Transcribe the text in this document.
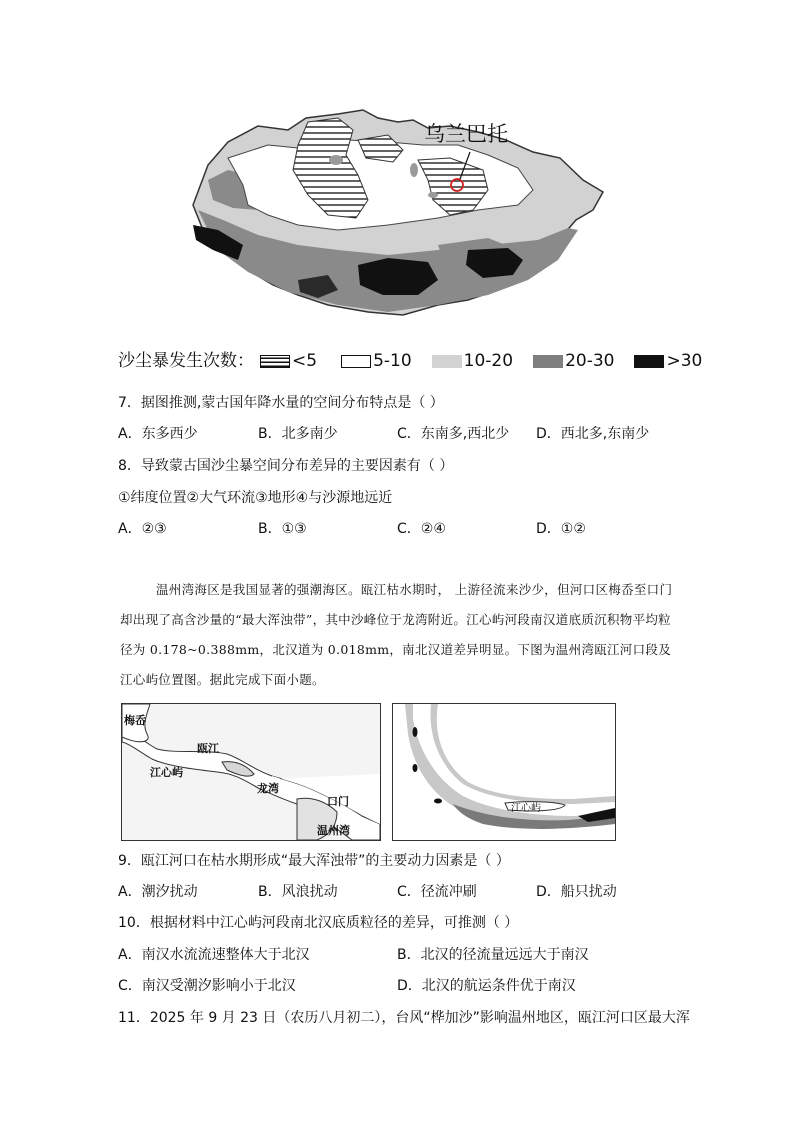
乌兰巴托
沙尘暴发生次数： <5	5-10	10-20	20-30	>30
7．据图推测,蒙古国年降水量的空间分布特点是（ ）
A．东多西少	B．北多南少	C．东南多,西北少 D．西北多,东南少
8．导致蒙古国沙尘暴空间分布差异的主要因素有（ ）
①纬度位置②大气环流③地形④与沙源地远近
A．②③	B．①③	C．②④	D．①②
温州湾海区是我国显著的强潮海区。瓯江枯水期时， 上游径流来沙少，但河口区梅岙至口门却出现了高含沙量的“最大浑浊带”，其中沙峰位于龙湾附近。江心屿河段南汉道底质沉积物平均粒径为 0.178~0.388mm，北汉道为 0.018mm，南北汉道差异明显。下图为温州湾瓯江河口段及江心屿位置图。据此完成下面小题。
梅岙
瓯江
江心屿
龙湾
口门
温州湾
江心屿
9．瓯江河口在枯水期形成“最大浑浊带”的主要动力因素是（ ）
A．潮汐扰动	B．风浪扰动	C．径流冲刷	D．船只扰动
10．根据材料中江心屿河段南北汉底质粒径的差异，可推测（ ）
A．南汉水流流速整体大于北汉	B．北汉的径流量远远大于南汉
C．南汉受潮汐影响小于北汉	D．北汉的航运条件优于南汉
11．2025 年 9 月 23 日（农历八月初二），台风“桦加沙”影响温州地区，瓯江河口区最大浑
